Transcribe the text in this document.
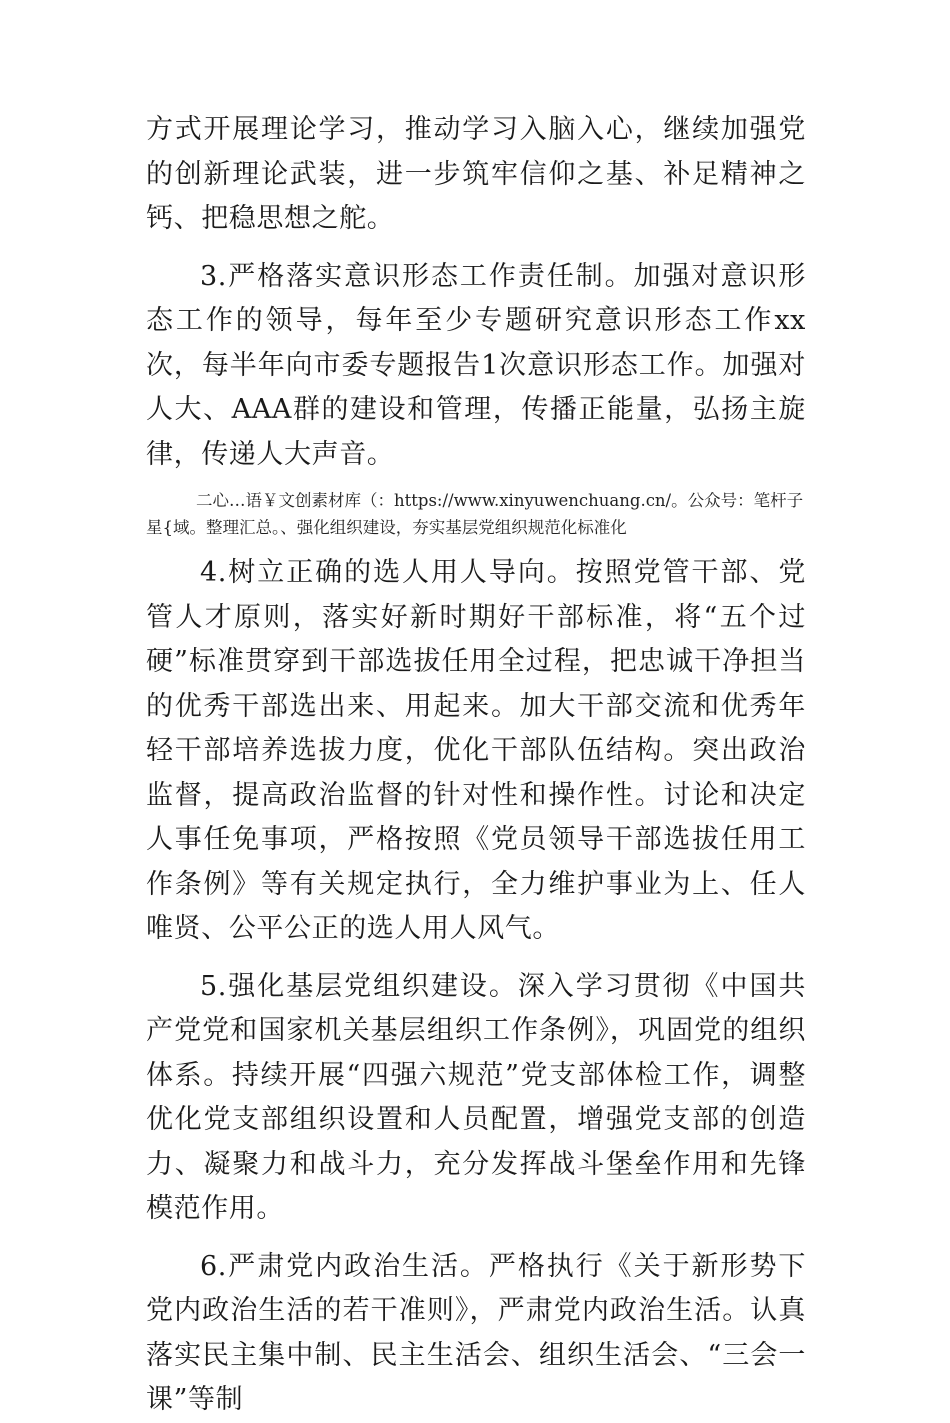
方式开展理论学习，推动学习入脑入心，继续加强党的创新理论武装，进一步筑牢信仰之基、补足精神之钙、把稳思想之舵。

3.严格落实意识形态工作责任制。加强对意识形态工作的领导，每年至少专题研究意识形态工作xx次，每半年向市委专题报告1次意识形态工作。加强对人大、AAA群的建设和管理，传播正能量，弘扬主旋律，传递人大声音。

二心…语￥文创素材库（：https://www.xinyuwenchuang.cn/。公众号：笔杆子星{域。整理汇总。、强化组织建设，夯实基层党组织规范化标准化

4.树立正确的选人用人导向。按照党管干部、党管人才原则，落实好新时期好干部标准，将“五个过硬”标准贯穿到干部选拔任用全过程，把忠诚干净担当的优秀干部选出来、用起来。加大干部交流和优秀年轻干部培养选拔力度，优化干部队伍结构。突出政治监督，提高政治监督的针对性和操作性。讨论和决定人事任免事项，严格按照《党员领导干部选拔任用工作条例》等有关规定执行，全力维护事业为上、任人唯贤、公平公正的选人用人风气。

5.强化基层党组织建设。深入学习贯彻《中国共产党党和国家机关基层组织工作条例》，巩固党的组织体系。持续开展“四强六规范”党支部体检工作，调整优化党支部组织设置和人员配置，增强党支部的创造力、凝聚力和战斗力，充分发挥战斗堡垒作用和先锋模范作用。

6.严肃党内政治生活。严格执行《关于新形势下党内政治生活的若干准则》，严肃党内政治生活。认真落实民主集中制、民主生活会、组织生活会、“三会一课”等制
